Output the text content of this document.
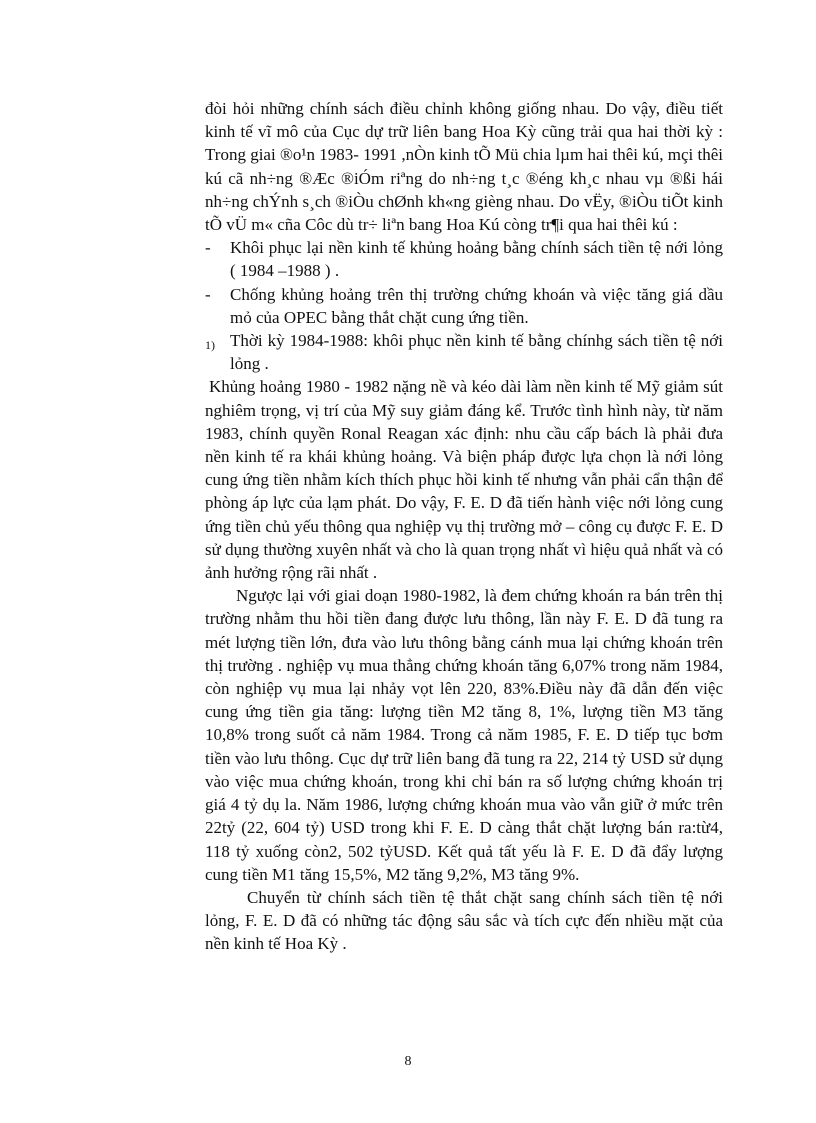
đòi hỏi những chính sách điều chỉnh không giống nhau. Do vậy, điều tiết kinh tế vĩ mô của Cục dự trữ liên bang Hoa Kỳ cũng trải qua hai thời kỳ : Trong giai ®o¹n 1983- 1991 ,nÒn kinh tÕ Mü chia lµm hai thêi kú, mçi thêi kú cã nh÷ng ®Æc ®iÓm riªng do nh÷ng t¸c ®éng kh¸c nhau vµ ®ßi hái nh÷ng chÝnh s¸ch ®iÒu chØnh kh«ng gièng nhau. Do vËy, ®iÒu tiÕt kinh tÕ vÜ m« cña Côc dù tr÷ liªn bang Hoa Kú còng tr¶i qua hai thêi kú :

-	Khôi phục lại nền kinh tế khủng hoảng bằng chính sách tiền tệ nới lỏng ( 1984 –1988 ) .
-	Chống khủng hoảng trên thị trường chứng khoán và việc tăng giá dầu mỏ của OPEC bằng thắt chặt cung ứng tiền.
1) Thời kỳ 1984-1988: khôi phục nền kinh tế bằng chínhg sách tiền tệ nới lỏng .

Khủng hoảng 1980 - 1982 nặng nề và kéo dài làm nền kinh tế Mỹ giảm sút nghiêm trọng, vị trí của Mỹ suy giảm đáng kể. Trước tình hình này, từ năm 1983, chính quyền Ronal Reagan xác định: nhu cầu cấp bách là phải đưa nền kinh tế ra khái khủng hoảng. Và biện pháp được lựa chọn là nới lỏng cung ứng tiền nhằm kích thích phục hồi kinh tế nhưng vẫn phải cẩn thận để phòng áp lực của lạm phát. Do vậy, F. E. D đã tiến hành việc nới lỏng cung ứng tiền chủ yếu thông qua nghiệp vụ thị trường mở – công cụ được F. E. D sử dụng thường xuyên nhất và cho là quan trọng nhất vì hiệu quả nhất và có ảnh hưởng rộng rãi nhất .

Ngược lại với giai doạn 1980-1982, là đem chứng khoán ra bán trên thị trường nhằm thu hồi tiền đang được lưu thông, lần này F. E. D đã tung ra mét lượng tiền lớn, đưa vào lưu thông bằng cánh mua lại chứng khoán trên thị trường . nghiệp vụ mua thẳng chứng khoán tăng 6,07% trong năm 1984, còn nghiệp vụ mua lại nhảy vọt lên 220, 83%.Điều này đã dẫn đến việc cung ứng tiền gia tăng: lượng tiền M2 tăng 8, 1%, lượng tiền M3 tăng 10,8% trong suốt cả năm 1984. Trong cả năm 1985, F. E. D tiếp tục bơm tiền vào lưu thông. Cục dự trữ liên bang đã tung ra 22, 214 tỷ USD sử dụng vào việc mua chứng khoán, trong khi chỉ bán ra số lượng chứng khoán trị giá 4 tỷ dụ la. Năm 1986, lượng chứng khoán mua vào vẫn giữ ở mức trên 22tỷ (22, 604 tỷ) USD trong khi F. E. D càng thắt chặt lượng bán ra:từ4, 118 tỷ xuống còn2, 502 tỷUSD. Kết quả tất yếu là F. E. D đã đẩy lượng cung tiền M1 tăng 15,5%, M2 tăng 9,2%, M3 tăng 9%.

Chuyển từ chính sách tiền tệ thắt chặt sang chính sách tiền tệ nới lỏng, F. E. D đã có những tác động sâu sắc và tích cực đến nhiều mặt của nền kinh tế Hoa Kỳ .

8
